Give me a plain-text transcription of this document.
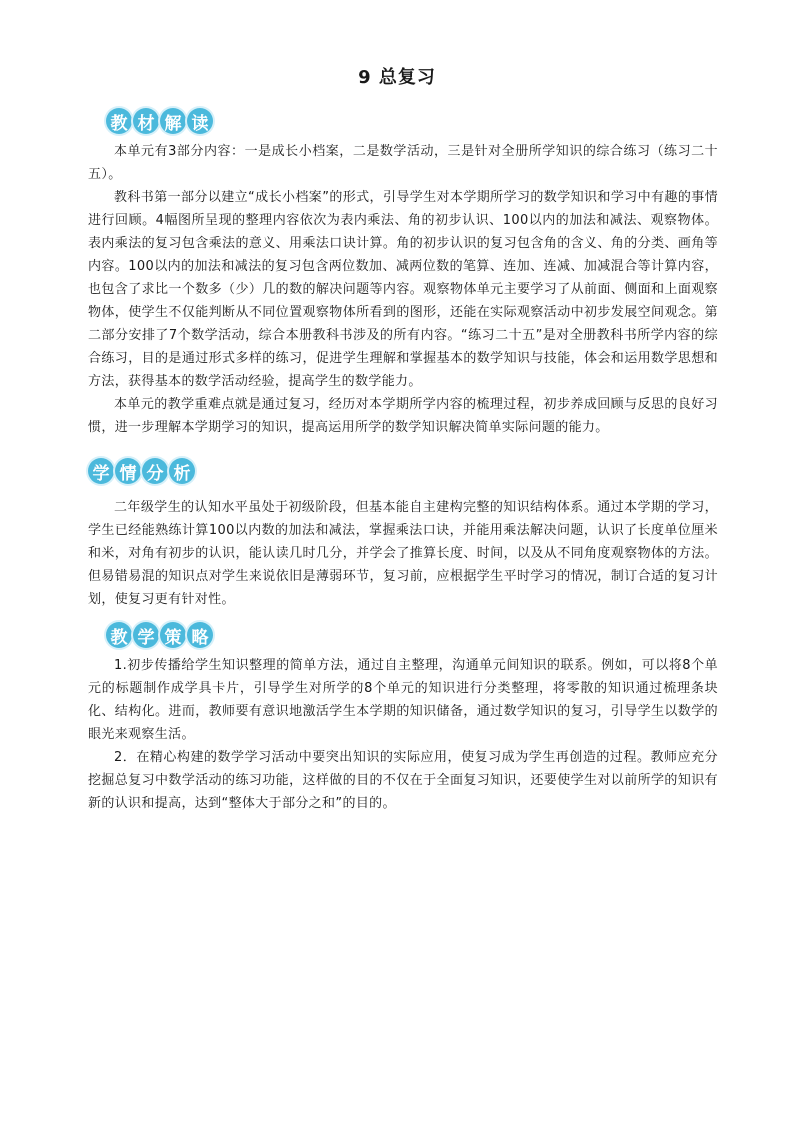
9 总复习
教 材 解 读

本单元有3部分内容：一是成长小档案，二是数学活动，三是针对全册所学知识的综合练习（练习二十五）。

教科书第一部分以建立“成长小档案”的形式，引导学生对本学期所学习的数学知识和学习中有趣的事情进行回顾。4幅图所呈现的整理内容依次为表内乘法、角的初步认识、100以内的加法和减法、观察物体。表内乘法的复习包含乘法的意义、用乘法口诀计算。角的初步认识的复习包含角的含义、角的分类、画角等内容。100以内的加法和减法的复习包含两位数加、减两位数的笔算、连加、连减、加减混合等计算内容，也包含了求比一个数多（少）几的数的解决问题等内容。观察物体单元主要学习了从前面、侧面和上面观察物体，使学生不仅能判断从不同位置观察物体所看到的图形，还能在实际观察活动中初步发展空间观念。第二部分安排了7个数学活动，综合本册教科书涉及的所有内容。“练习二十五”是对全册教科书所学内容的综合练习，目的是通过形式多样的练习，促进学生理解和掌握基本的数学知识与技能，体会和运用数学思想和方法，获得基本的数学活动经验，提高学生的数学能力。

本单元的教学重难点就是通过复习，经历对本学期所学内容的梳理过程，初步养成回顾与反思的良好习惯，进一步理解本学期学习的知识，提高运用所学的数学知识解决简单实际问题的能力。

学 情 分 析

二年级学生的认知水平虽处于初级阶段，但基本能自主建构完整的知识结构体系。通过本学期的学习，学生已经能熟练计算100以内数的加法和减法，掌握乘法口诀，并能用乘法解决问题，认识了长度单位厘米和米，对角有初步的认识，能认读几时几分，并学会了推算长度、时间，以及从不同角度观察物体的方法。但易错易混的知识点对学生来说依旧是薄弱环节，复习前，应根据学生平时学习的情况，制订合适的复习计划，使复习更有针对性。

教 学 策 略

1.初步传播给学生知识整理的简单方法，通过自主整理，沟通单元间知识的联系。例如，可以将8个单元的标题制作成学具卡片，引导学生对所学的8个单元的知识进行分类整理，将零散的知识通过梳理条块化、结构化。进而，教师要有意识地激活学生本学期的知识储备，通过数学知识的复习，引导学生以数学的眼光来观察生活。

2．在精心构建的数学学习活动中要突出知识的实际应用，使复习成为学生再创造的过程。教师应充分挖掘总复习中数学活动的练习功能，这样做的目的不仅在于全面复习知识，还要使学生对以前所学的知识有新的认识和提高，达到“整体大于部分之和”的目的。
